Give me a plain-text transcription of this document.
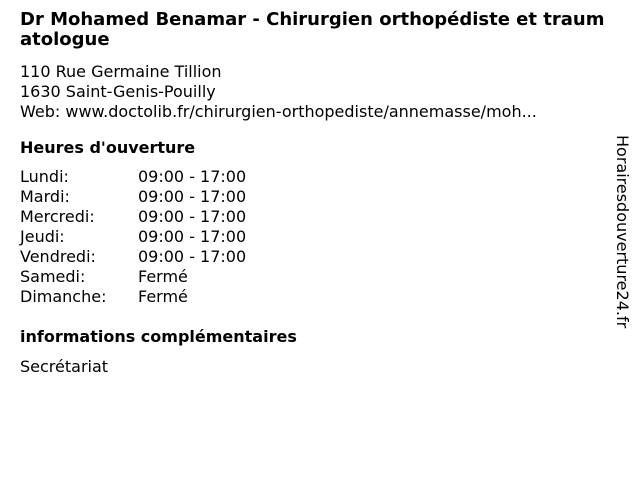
Dr Mohamed Benamar - Chirurgien orthopédiste et traumatologue
110 Rue Germaine Tillion
1630 Saint-Genis-Pouilly
Web: www.doctolib.fr/chirurgien-orthopediste/annemasse/moh...
Heures d'ouverture
Lundi:	09:00 - 17:00
Mardi:	09:00 - 17:00
Mercredi:	09:00 - 17:00
Jeudi:	09:00 - 17:00
Vendredi:	09:00 - 17:00
Samedi:	Fermé
Dimanche:	Fermé
informations complémentaires
Secrétariat
Horairesdouverture24.fr
